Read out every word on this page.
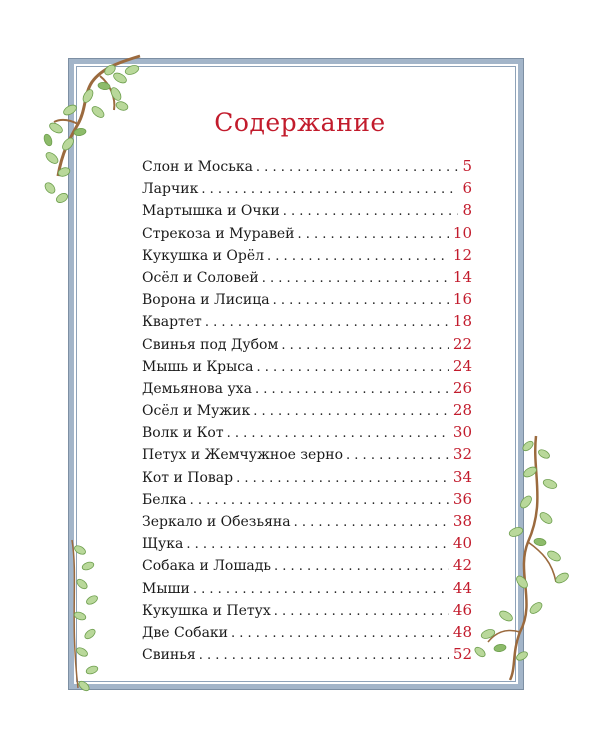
Содержание
Слон и Моська . . .	5
Ларчик . . .	6
Мартышка и Очки . . .	8
Стрекоза и Муравей . . .	10
Кукушка и Орёл . . .	12
Осёл и Соловей . . .	14
Ворона и Лисица . . .	16
Квартет . . .	18
Свинья под Дубом . . .	22
Мышь и Крыса . . .	24
Демьянова уха . . .	26
Осёл и Мужик . . .	28
Волк и Кот . . .	30
Петух и Жемчужное зерно . . .	32
Кот и Повар . . .	34
Белка . . .	36
Зеркало и Обезьяна . . .	38
Щука . . .	40
Собака и Лошадь . . .	42
Мыши . . .	44
Кукушка и Петух . . .	46
Две Собаки . . .	48
Свинья . . .	52
